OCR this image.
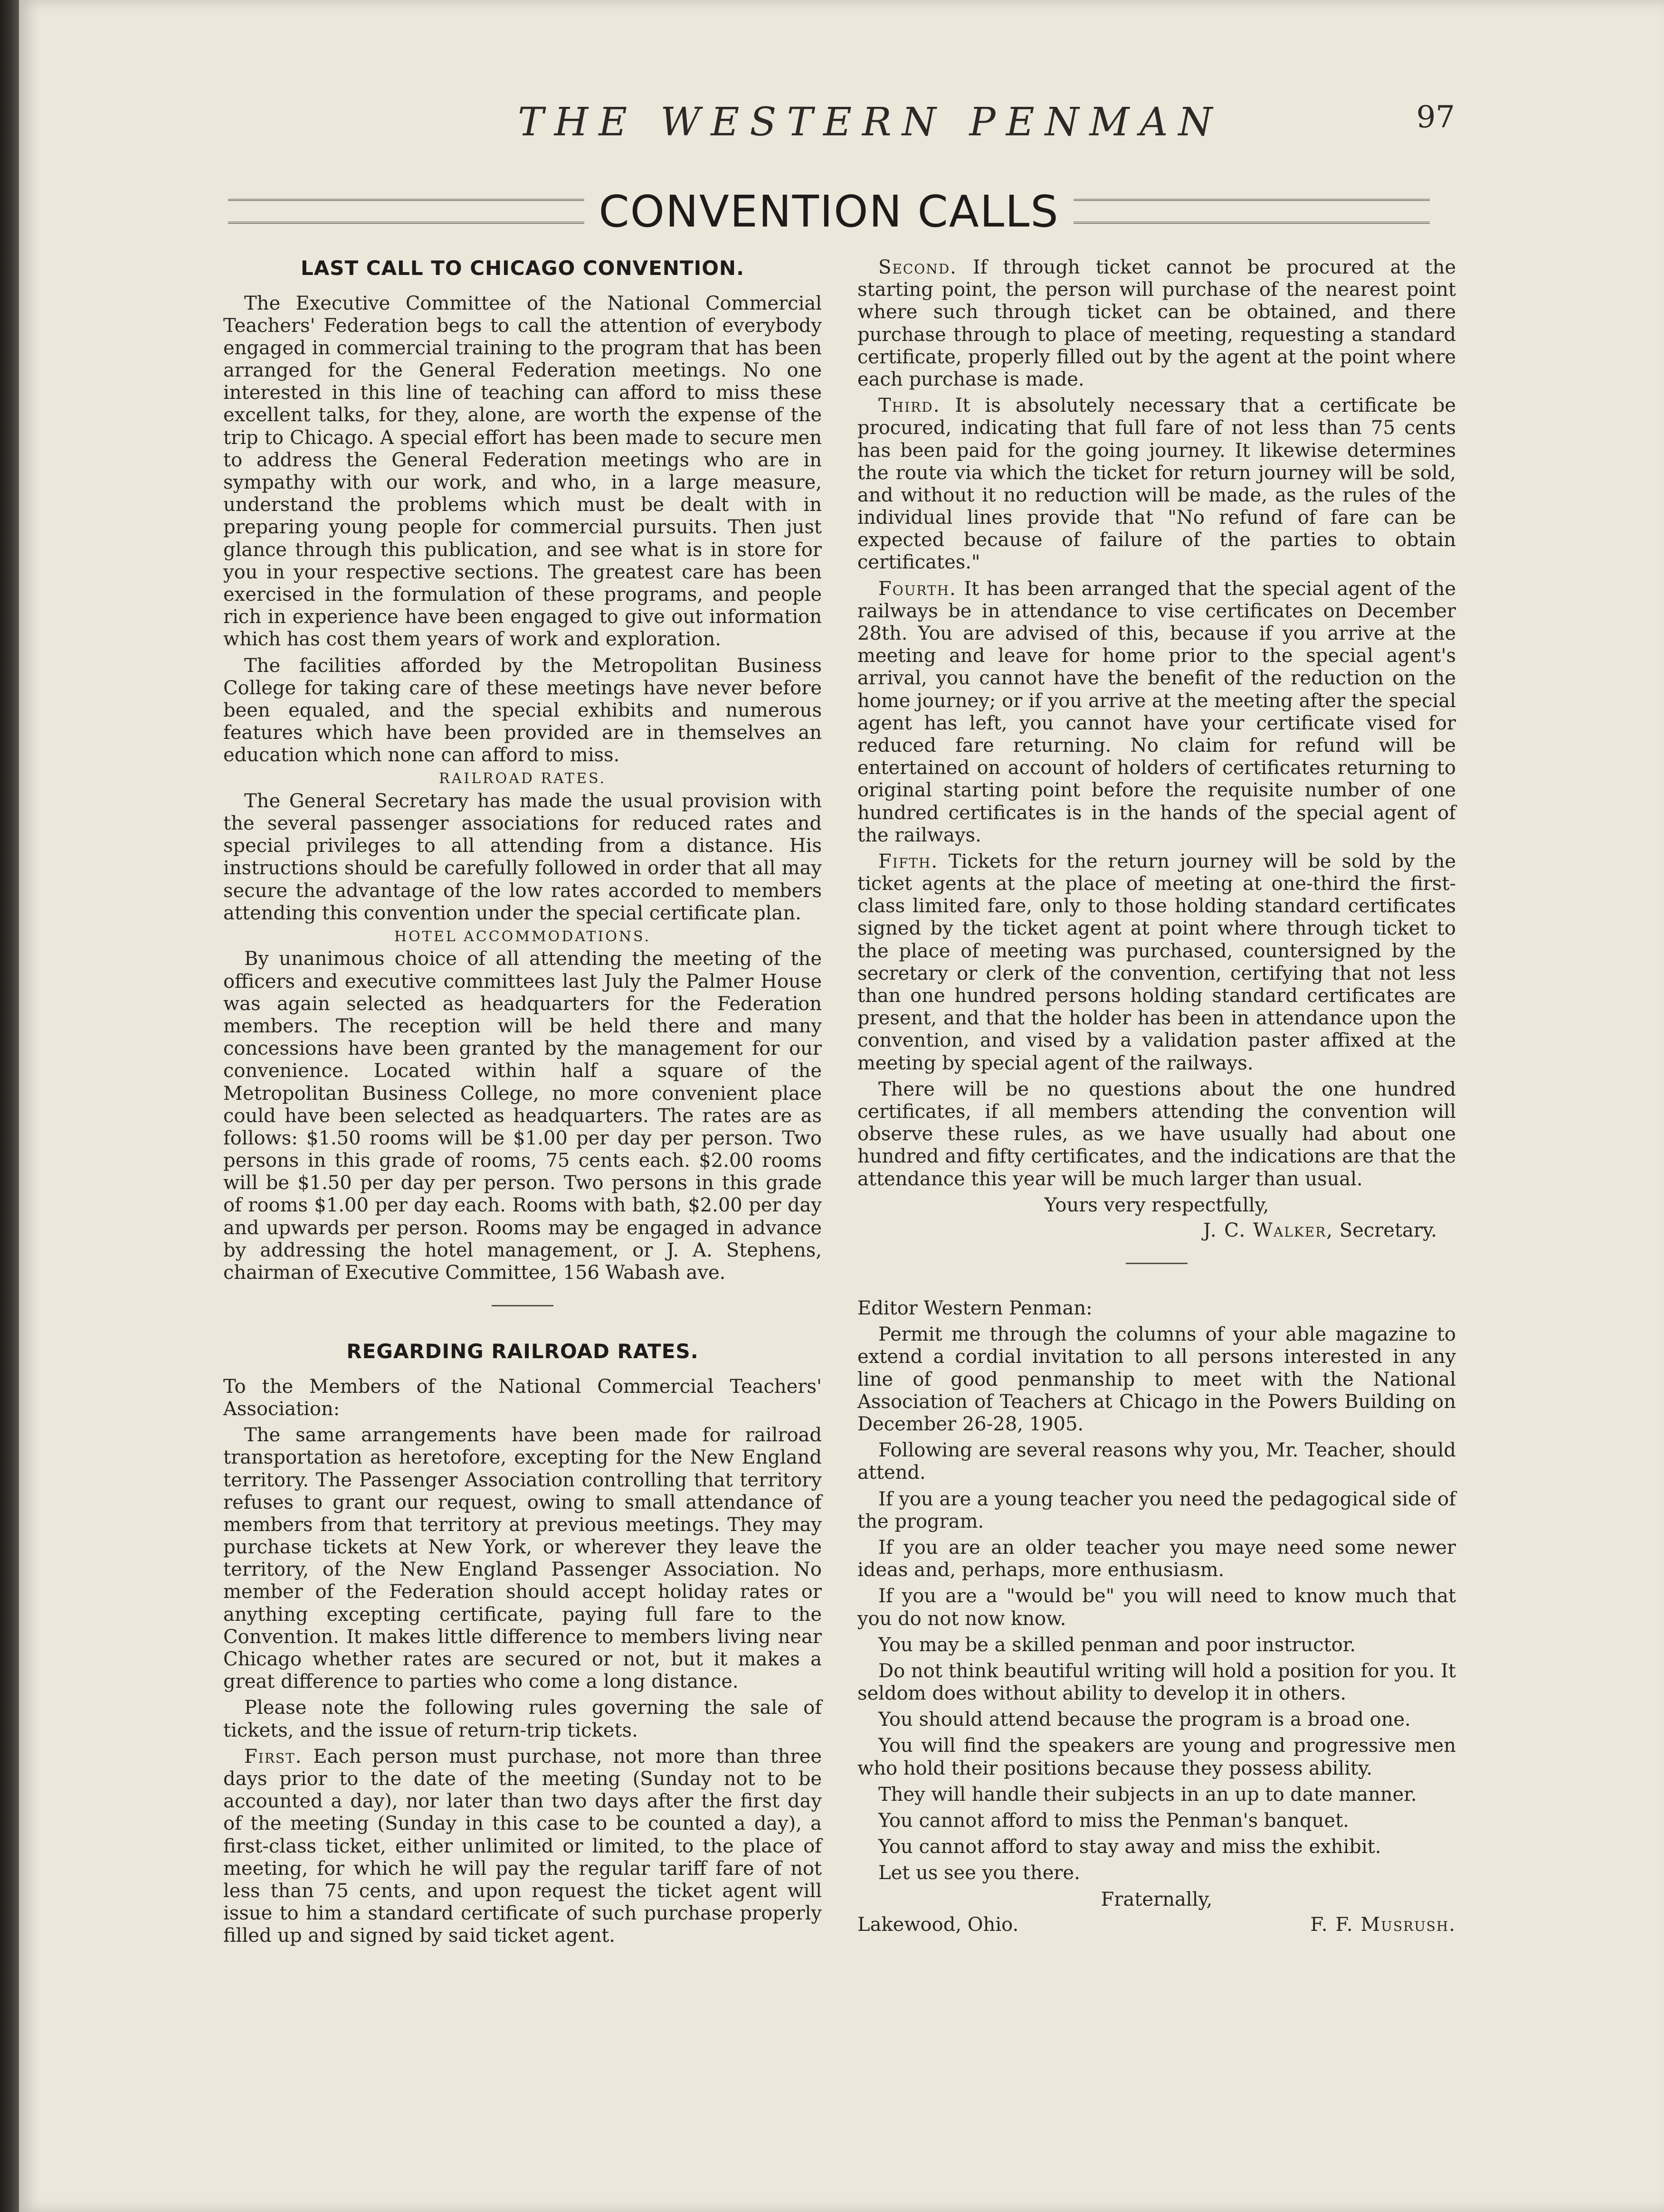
THE WESTERN PENMAN	97
CONVENTION CALLS
LAST CALL TO CHICAGO CONVENTION.

The Executive Committee of the National Commercial Teachers' Federation begs to call the attention of everybody engaged in commercial training to the program that has been arranged for the General Federation meetings. No one interested in this line of teaching can afford to miss these excellent talks, for they, alone, are worth the expense of the trip to Chicago. A special effort has been made to secure men to address the General Federation meetings who are in sympathy with our work, and who, in a large measure, understand the problems which must be dealt with in preparing young people for commercial pursuits. Then just glance through this publication, and see what is in store for you in your respective sections. The greatest care has been exercised in the formulation of these programs, and people rich in experience have been engaged to give out information which has cost them years of work and exploration.

The facilities afforded by the Metropolitan Business College for taking care of these meetings have never before been equaled, and the special exhibits and numerous features which have been provided are in themselves an education which none can afford to miss.

RAILROAD RATES.

The General Secretary has made the usual provision with the several passenger associations for reduced rates and special privileges to all attending from a distance. His instructions should be carefully followed in order that all may secure the advantage of the low rates accorded to members attending this convention under the special certificate plan.

HOTEL ACCOMMODATIONS.

By unanimous choice of all attending the meeting of the officers and executive committees last July the Palmer House was again selected as headquarters for the Federation members. The reception will be held there and many concessions have been granted by the management for our convenience. Located within half a square of the Metropolitan Business College, no more convenient place could have been selected as headquarters. The rates are as follows: $1.50 rooms will be $1.00 per day per person. Two persons in this grade of rooms, 75 cents each. $2.00 rooms will be $1.50 per day per person. Two persons in this grade of rooms $1.00 per day each. Rooms with bath, $2.00 per day and upwards per person. Rooms may be engaged in advance by addressing the hotel management, or J. A. Stephens, chairman of Executive Committee, 156 Wabash ave.

REGARDING RAILROAD RATES.

To the Members of the National Commercial Teachers' Association:

The same arrangements have been made for railroad transportation as heretofore, excepting for the New England territory. The Passenger Association controlling that territory refuses to grant our request, owing to small attendance of members from that territory at previous meetings. They may purchase tickets at New York, or wherever they leave the territory, of the New England Passenger Association. No member of the Federation should accept holiday rates or anything excepting certificate, paying full fare to the Convention. It makes little difference to members living near Chicago whether rates are secured or not, but it makes a great difference to parties who come a long distance.

Please note the following rules governing the sale of tickets, and the issue of return-trip tickets.

First. Each person must purchase, not more than three days prior to the date of the meeting (Sunday not to be accounted a day), nor later than two days after the first day of the meeting (Sunday in this case to be counted a day), a first-class ticket, either unlimited or limited, to the place of meeting, for which he will pay the regular tariff fare of not less than 75 cents, and upon request the ticket agent will issue to him a standard certificate of such purchase properly filled up and signed by said ticket agent.

Second. If through ticket cannot be procured at the starting point, the person will purchase of the nearest point where such through ticket can be obtained, and there purchase through to place of meeting, requesting a standard certificate, properly filled out by the agent at the point where each purchase is made.

Third. It is absolutely necessary that a certificate be procured, indicating that full fare of not less than 75 cents has been paid for the going journey. It likewise determines the route via which the ticket for return journey will be sold, and without it no reduction will be made, as the rules of the individual lines provide that "No refund of fare can be expected because of failure of the parties to obtain certificates."

Fourth. It has been arranged that the special agent of the railways be in attendance to vise certificates on December 28th. You are advised of this, because if you arrive at the meeting and leave for home prior to the special agent's arrival, you cannot have the benefit of the reduction on the home journey; or if you arrive at the meeting after the special agent has left, you cannot have your certificate vised for reduced fare returning. No claim for refund will be entertained on account of holders of certificates returning to original starting point before the requisite number of one hundred certificates is in the hands of the special agent of the railways.

Fifth. Tickets for the return journey will be sold by the ticket agents at the place of meeting at one-third the first-class limited fare, only to those holding standard certificates signed by the ticket agent at point where through ticket to the place of meeting was purchased, countersigned by the secretary or clerk of the convention, certifying that not less than one hundred persons holding standard certificates are present, and that the holder has been in attendance upon the convention, and vised by a validation paster affixed at the meeting by special agent of the railways.

There will be no questions about the one hundred certificates, if all members attending the convention will observe these rules, as we have usually had about one hundred and fifty certificates, and the indications are that the attendance this year will be much larger than usual.

Yours very respectfully,
J. C. Walker, Secretary.

Editor Western Penman:

Permit me through the columns of your able magazine to extend a cordial invitation to all persons interested in any line of good penmanship to meet with the National Association of Teachers at Chicago in the Powers Building on December 26-28, 1905.

Following are several reasons why you, Mr. Teacher, should attend.

If you are a young teacher you need the pedagogical side of the program.

If you are an older teacher you maye need some newer ideas and, perhaps, more enthusiasm.

If you are a "would be" you will need to know much that you do not now know.

You may be a skilled penman and poor instructor.

Do not think beautiful writing will hold a position for you. It seldom does without ability to develop it in others.

You should attend because the program is a broad one.

You will find the speakers are young and progressive men who hold their positions because they possess ability.

They will handle their subjects in an up to date manner.

You cannot afford to miss the Penman's banquet.

You cannot afford to stay away and miss the exhibit.

Let us see you there.

Fraternally,
Lakewood, Ohio.	F. F. Musrush.
